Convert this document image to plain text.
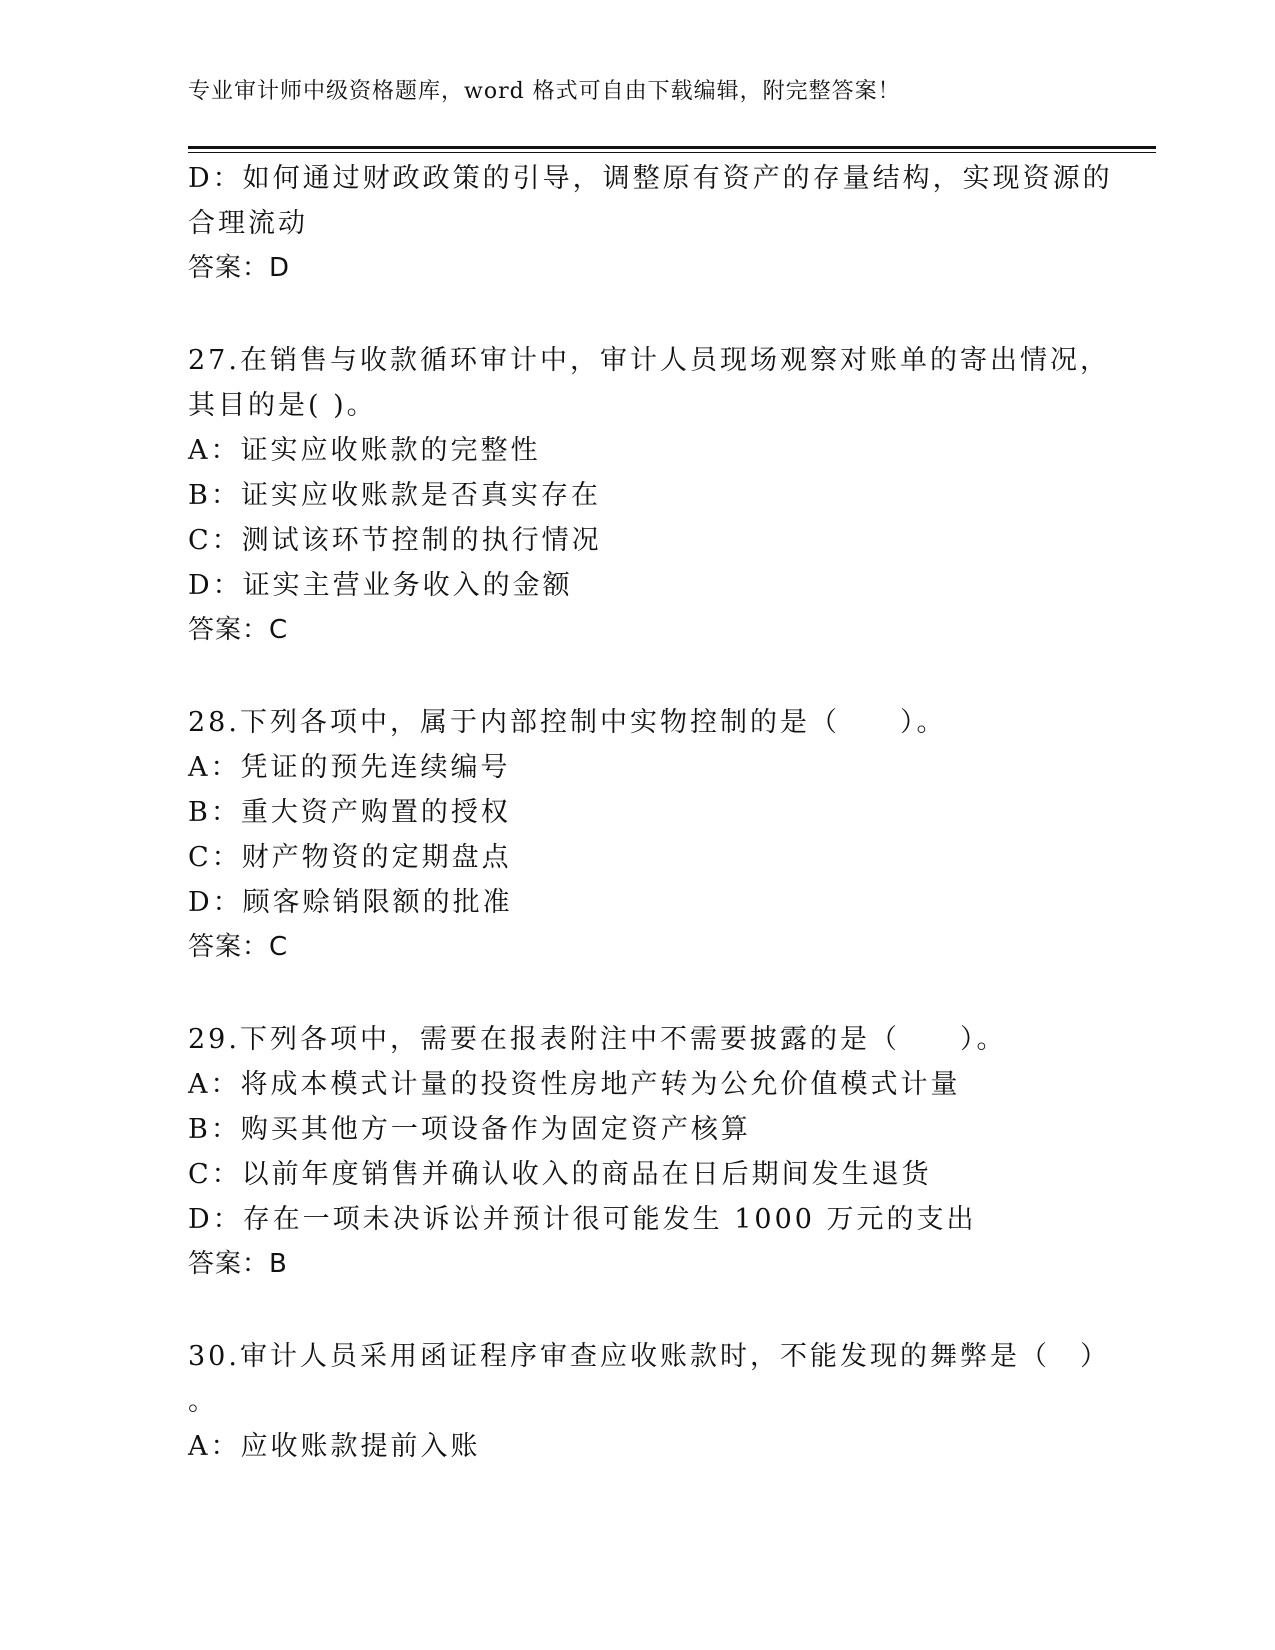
专业审计师中级资格题库，word 格式可自由下载编辑，附完整答案！
D：如何通过财政政策的引导，调整原有资产的存量结构，实现资源的
合理流动
答案：D
27.在销售与收款循环审计中，审计人员现场观察对账单的寄出情况，
其目的是( )。
A：证实应收账款的完整性
B：证实应收账款是否真实存在
C：测试该环节控制的执行情况
D：证实主营业务收入的金额
答案：C
28.下列各项中，属于内部控制中实物控制的是（　　）。
A：凭证的预先连续编号
B：重大资产购置的授权
C：财产物资的定期盘点
D：顾客赊销限额的批准
答案：C
29.下列各项中，需要在报表附注中不需要披露的是（　　）。
A：将成本模式计量的投资性房地产转为公允价值模式计量
B：购买其他方一项设备作为固定资产核算
C：以前年度销售并确认收入的商品在日后期间发生退货
D：存在一项未决诉讼并预计很可能发生 1000 万元的支出
答案：B
30.审计人员采用函证程序审查应收账款时，不能发现的舞弊是（　）
。
A：应收账款提前入账
